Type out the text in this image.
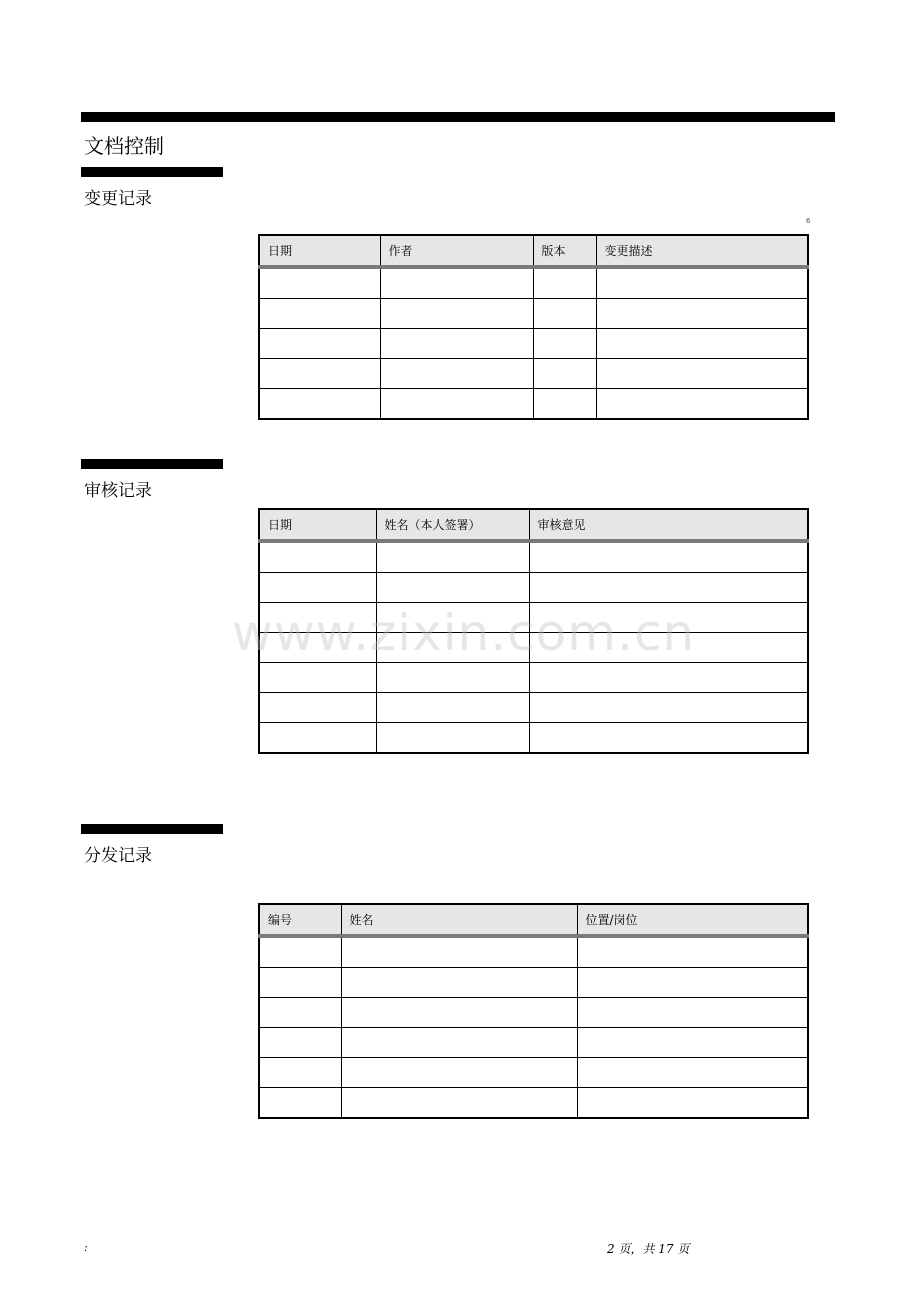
文档控制
变更记录
6
日期	作者	版本	变更描述

审核记录
日期	姓名（本人签署）	审核意见

www.zixin.com.cn
分发记录
编号	姓名	位置/岗位

:	2 页，共 17 页
